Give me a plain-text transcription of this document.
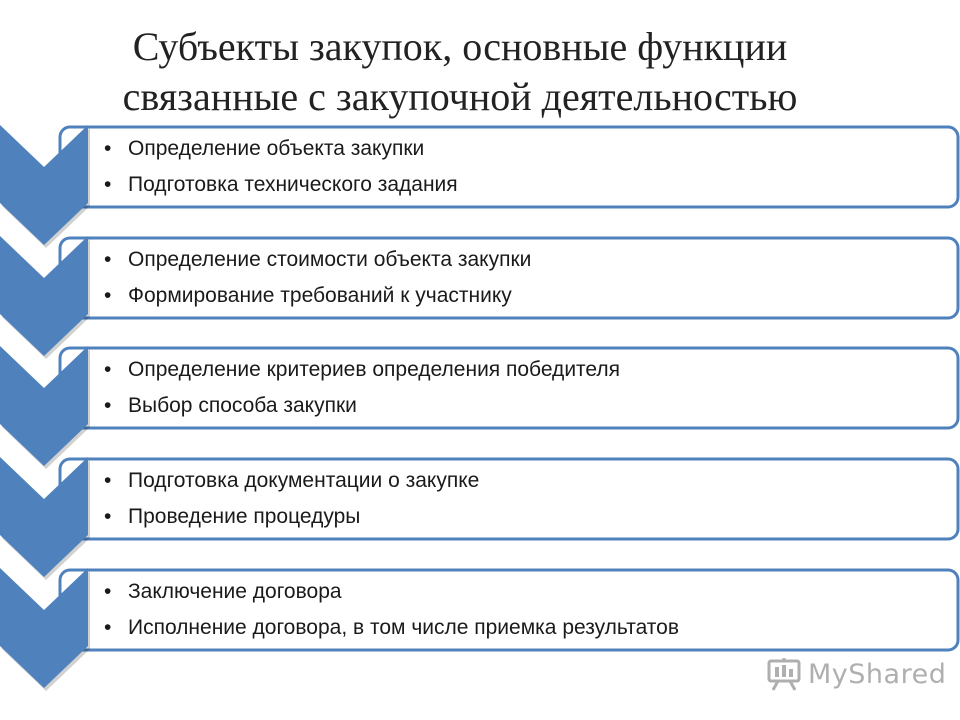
Субъекты закупок, основные функции
связанные с закупочной деятельностью
• Определение объекта закупки
• Подготовка технического задания
• Определение стоимости объекта закупки
• Формирование требований к участнику
• Определение критериев определения победителя
• Выбор способа закупки
• Подготовка документации о закупке
• Проведение процедуры
• Заключение договора
• Исполнение договора, в том числе приемка результатов
MyShared
